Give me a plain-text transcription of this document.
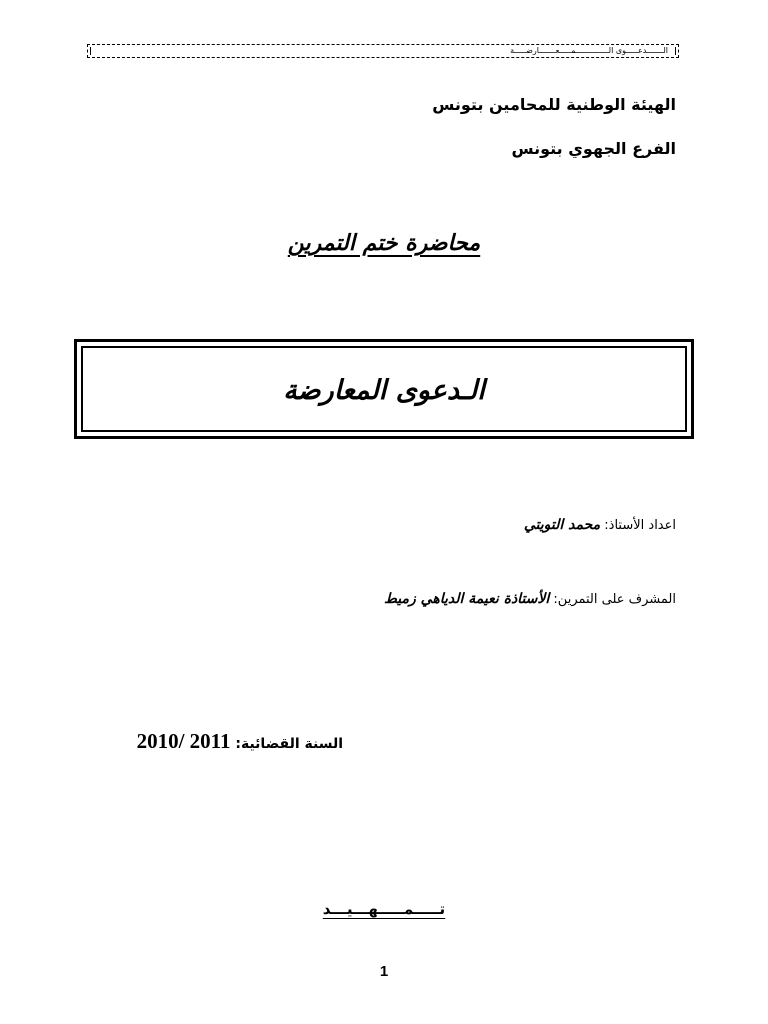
الـــــــدعـــــوى الــــــــــــــمـــــعـــــــارضـــــة
الهيئة الوطنية للمحامين بتونس
الفرع الجهوي بتونس
محاضرة ختم التمرين
الـدعوى المعارضة
اعداد الأستاذ: محمد التويتي
المشرف على التمرين: الأستاذة نعيمة الدياهي زميط
السنة القضائية: 2010/ 2011
تـــــمـــــهـــيـــد
1
